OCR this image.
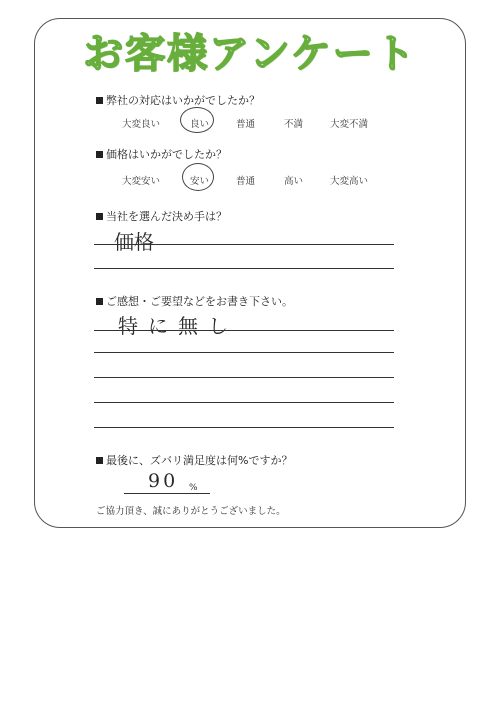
お客様アンケート
弊社の対応はいかがでしたか？
大変良い	良い	普通	不満	大変不満
価格はいかがでしたか？
大変安い	安い	普通	高い	大変高い
当社を選んだ決め手は？
価格
ご感想・ご要望などをお書き下さい。
特に無し
最後に、ズバリ満足度は何%ですか？
90 %
ご協力頂き、誠にありがとうございました。
